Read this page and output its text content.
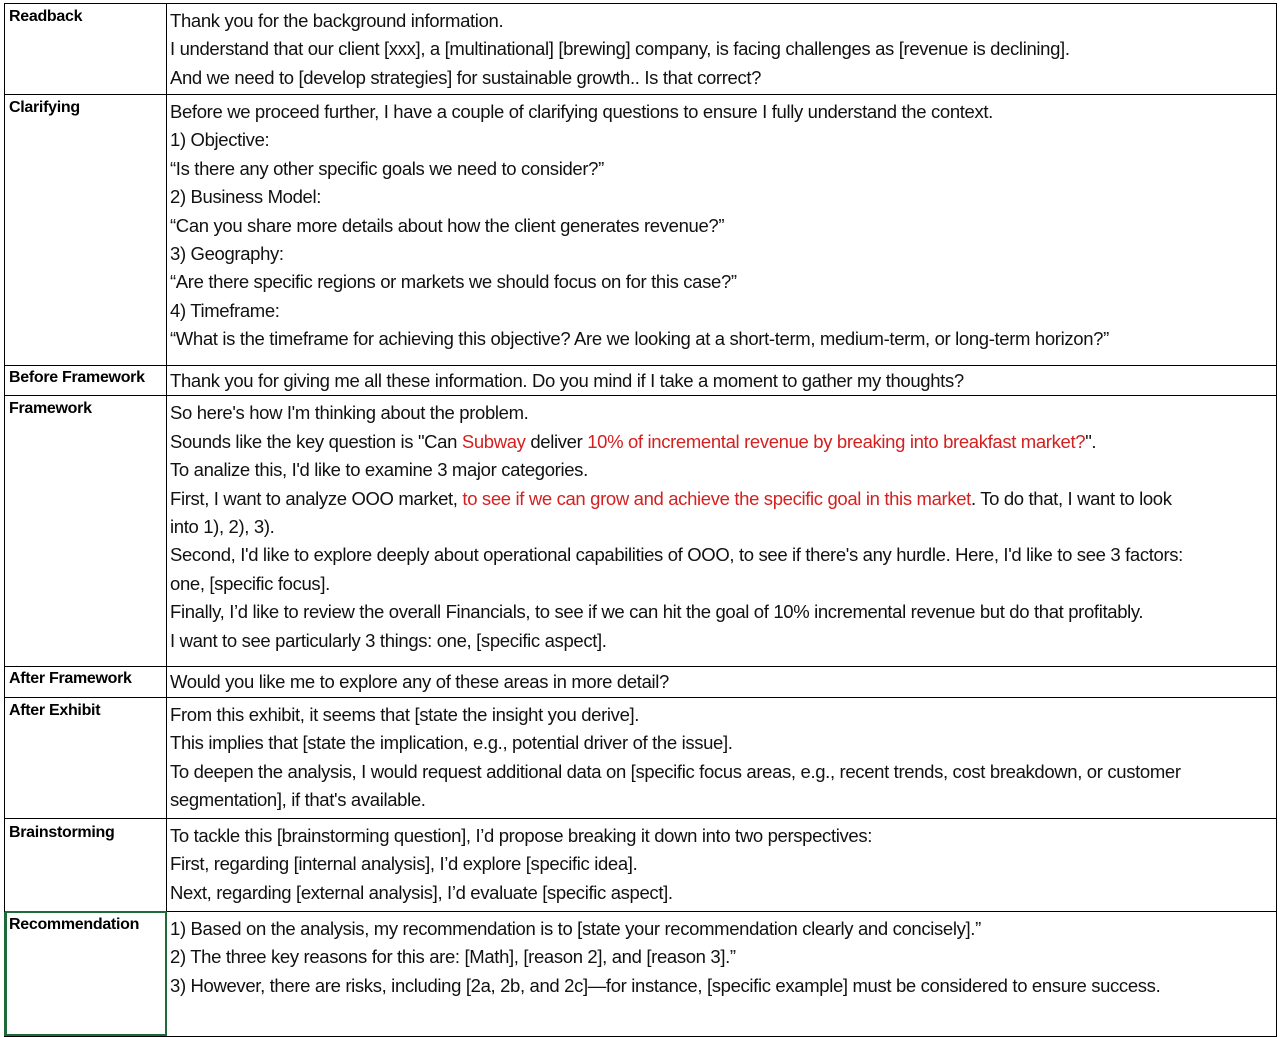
Readback	Thank you for the background information.
I understand that our client [xxx], a [multinational] [brewing] company, is facing challenges as [revenue is declining].
And we need to [develop strategies] for sustainable growth.. Is that correct?

Clarifying	Before we proceed further, I have a couple of clarifying questions to ensure I fully understand the context.
1) Objective:
“Is there any other specific goals we need to consider?”
2) Business Model:
“Can you share more details about how the client generates revenue?”
3) Geography:
“Are there specific regions or markets we should focus on for this case?”
4) Timeframe:
“What is the timeframe for achieving this objective? Are we looking at a short-term, medium-term, or long-term horizon?”

Before Framework	Thank you for giving me all these information. Do you mind if I take a moment to gather my thoughts?

Framework	So here's how I'm thinking about the problem.
Sounds like the key question is "Can Subway deliver 10% of incremental revenue by breaking into breakfast market?".
To analize this, I'd like to examine 3 major categories.
First, I want to analyze OOO market, to see if we can grow and achieve the specific goal in this market. To do that, I want to look
into 1), 2), 3).
Second, I'd like to explore deeply about operational capabilities of OOO, to see if there's any hurdle. Here, I'd like to see 3 factors:
one, [specific focus].
Finally, I’d like to review the overall Financials, to see if we can hit the goal of 10% incremental revenue but do that profitably.
I want to see particularly 3 things: one, [specific aspect].

After Framework	Would you like me to explore any of these areas in more detail?

After Exhibit	From this exhibit, it seems that [state the insight you derive].
This implies that [state the implication, e.g., potential driver of the issue].
To deepen the analysis, I would request additional data on [specific focus areas, e.g., recent trends, cost breakdown, or customer
segmentation], if that's available.

Brainstorming	To tackle this [brainstorming question], I’d propose breaking it down into two perspectives:
First, regarding [internal analysis], I’d explore [specific idea].
Next, regarding [external analysis], I’d evaluate [specific aspect].

Recommendation	1) Based on the analysis, my recommendation is to [state your recommendation clearly and concisely].”
2) The three key reasons for this are: [Math], [reason 2], and [reason 3].”
3) However, there are risks, including [2a, 2b, and 2c]—for instance, [specific example] must be considered to ensure success.
